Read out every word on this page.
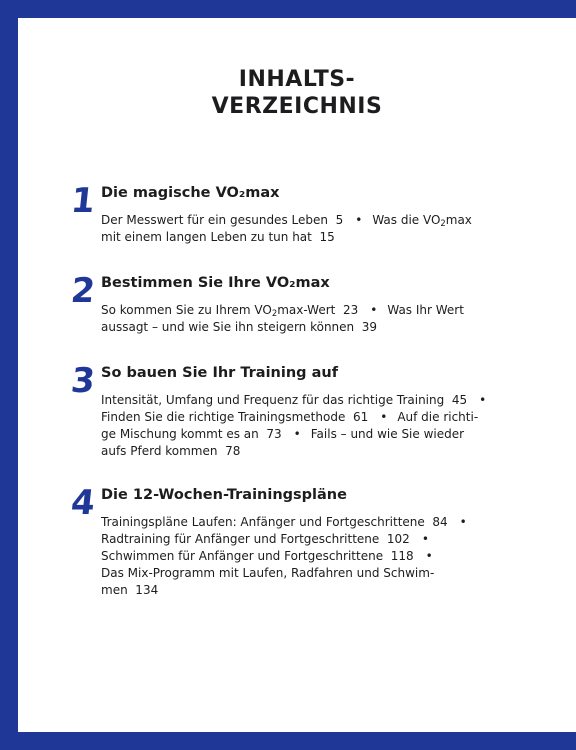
INHALTS-
VERZEICHNIS
1 Die magische VO₂max
Der Messwert für ein gesundes Leben  5 • Was die $VO_2\max$
mit einem langen Leben zu tun hat  15
2 Bestimmen Sie Ihre VO₂max
So kommen Sie zu Ihrem $VO_2\max$-Wert  23 • Was Ihr Wert
aussagt – und wie Sie ihn steigern können  39
3 So bauen Sie Ihr Training auf
Intensität, Umfang und Frequenz für das richtige Training  45 •
Finden Sie die richtige Trainingsmethode  61 • Auf die richti-
ge Mischung kommt es an  73 • Fails – und wie Sie wieder
aufs Pferd kommen  78
4 Die 12-Wochen-Trainingspläne
Trainingspläne Laufen: Anfänger und Fortgeschrittene  84 •
Radtraining für Anfänger und Fortgeschrittene  102 •
Schwimmen für Anfänger und Fortgeschrittene  118 •
Das Mix-Programm mit Laufen, Radfahren und Schwim-
men  134
